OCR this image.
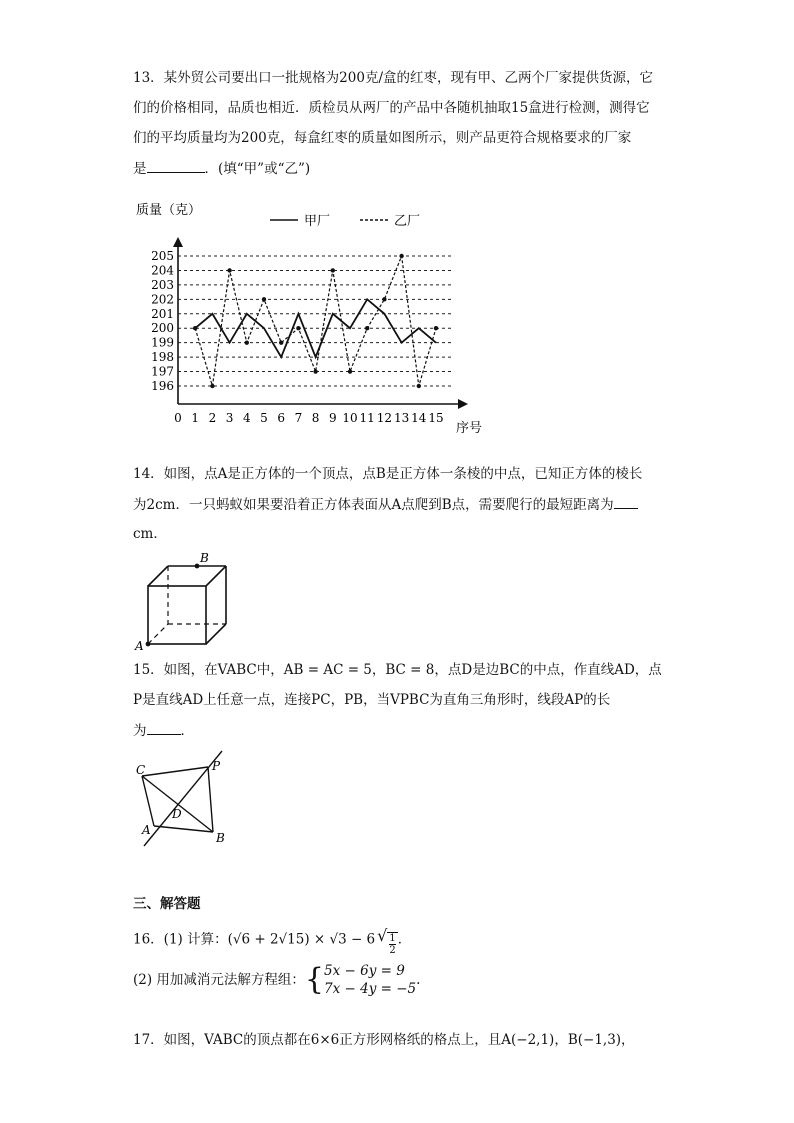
13．某外贸公司要出口一批规格为200克/盒的红枣，现有甲、乙两个厂家提供货源，它
们的价格相同，品质也相近．质检员从两厂的产品中各随机抽取15盒进行检测，测得它
们的平均质量均为200克，每盒红枣的质量如图所示，则产品更符合规格要求的厂家
是	．(填“甲”或“乙”)
质量（克）
甲厂	乙厂
196
197
198
199
200
201
202
203
204
205
0 1 2 3 4 5 6 7 8 9 10 11 12 13 14 15
序号
14．如图，点A是正方体的一个顶点，点B是正方体一条棱的中点，已知正方体的棱长
为2cm．一只蚂蚁如果要沿着正方体表面从A点爬到B点，需要爬行的最短距离为
cm．
B
A
15．如图，在VABC中，AB = AC = 5，BC = 8，点D是边BC的中点，作直线AD，点
P是直线AD上任意一点，连接PC，PB，当VPBC为直角三角形时，线段AP的长
为	．
C	P
D
A
B
三、解答题
16．(1) 计算：(√6 + 2√15) × √3 − 6 √ $\frac{1}{2}$ ．
(2) 用加减消元法解方程组：{ 5x − 6y = 9
7x − 4y = −5
.
17．如图，VABC的顶点都在6×6正方形网格纸的格点上，且A(−2,1)，B(−1,3)，
